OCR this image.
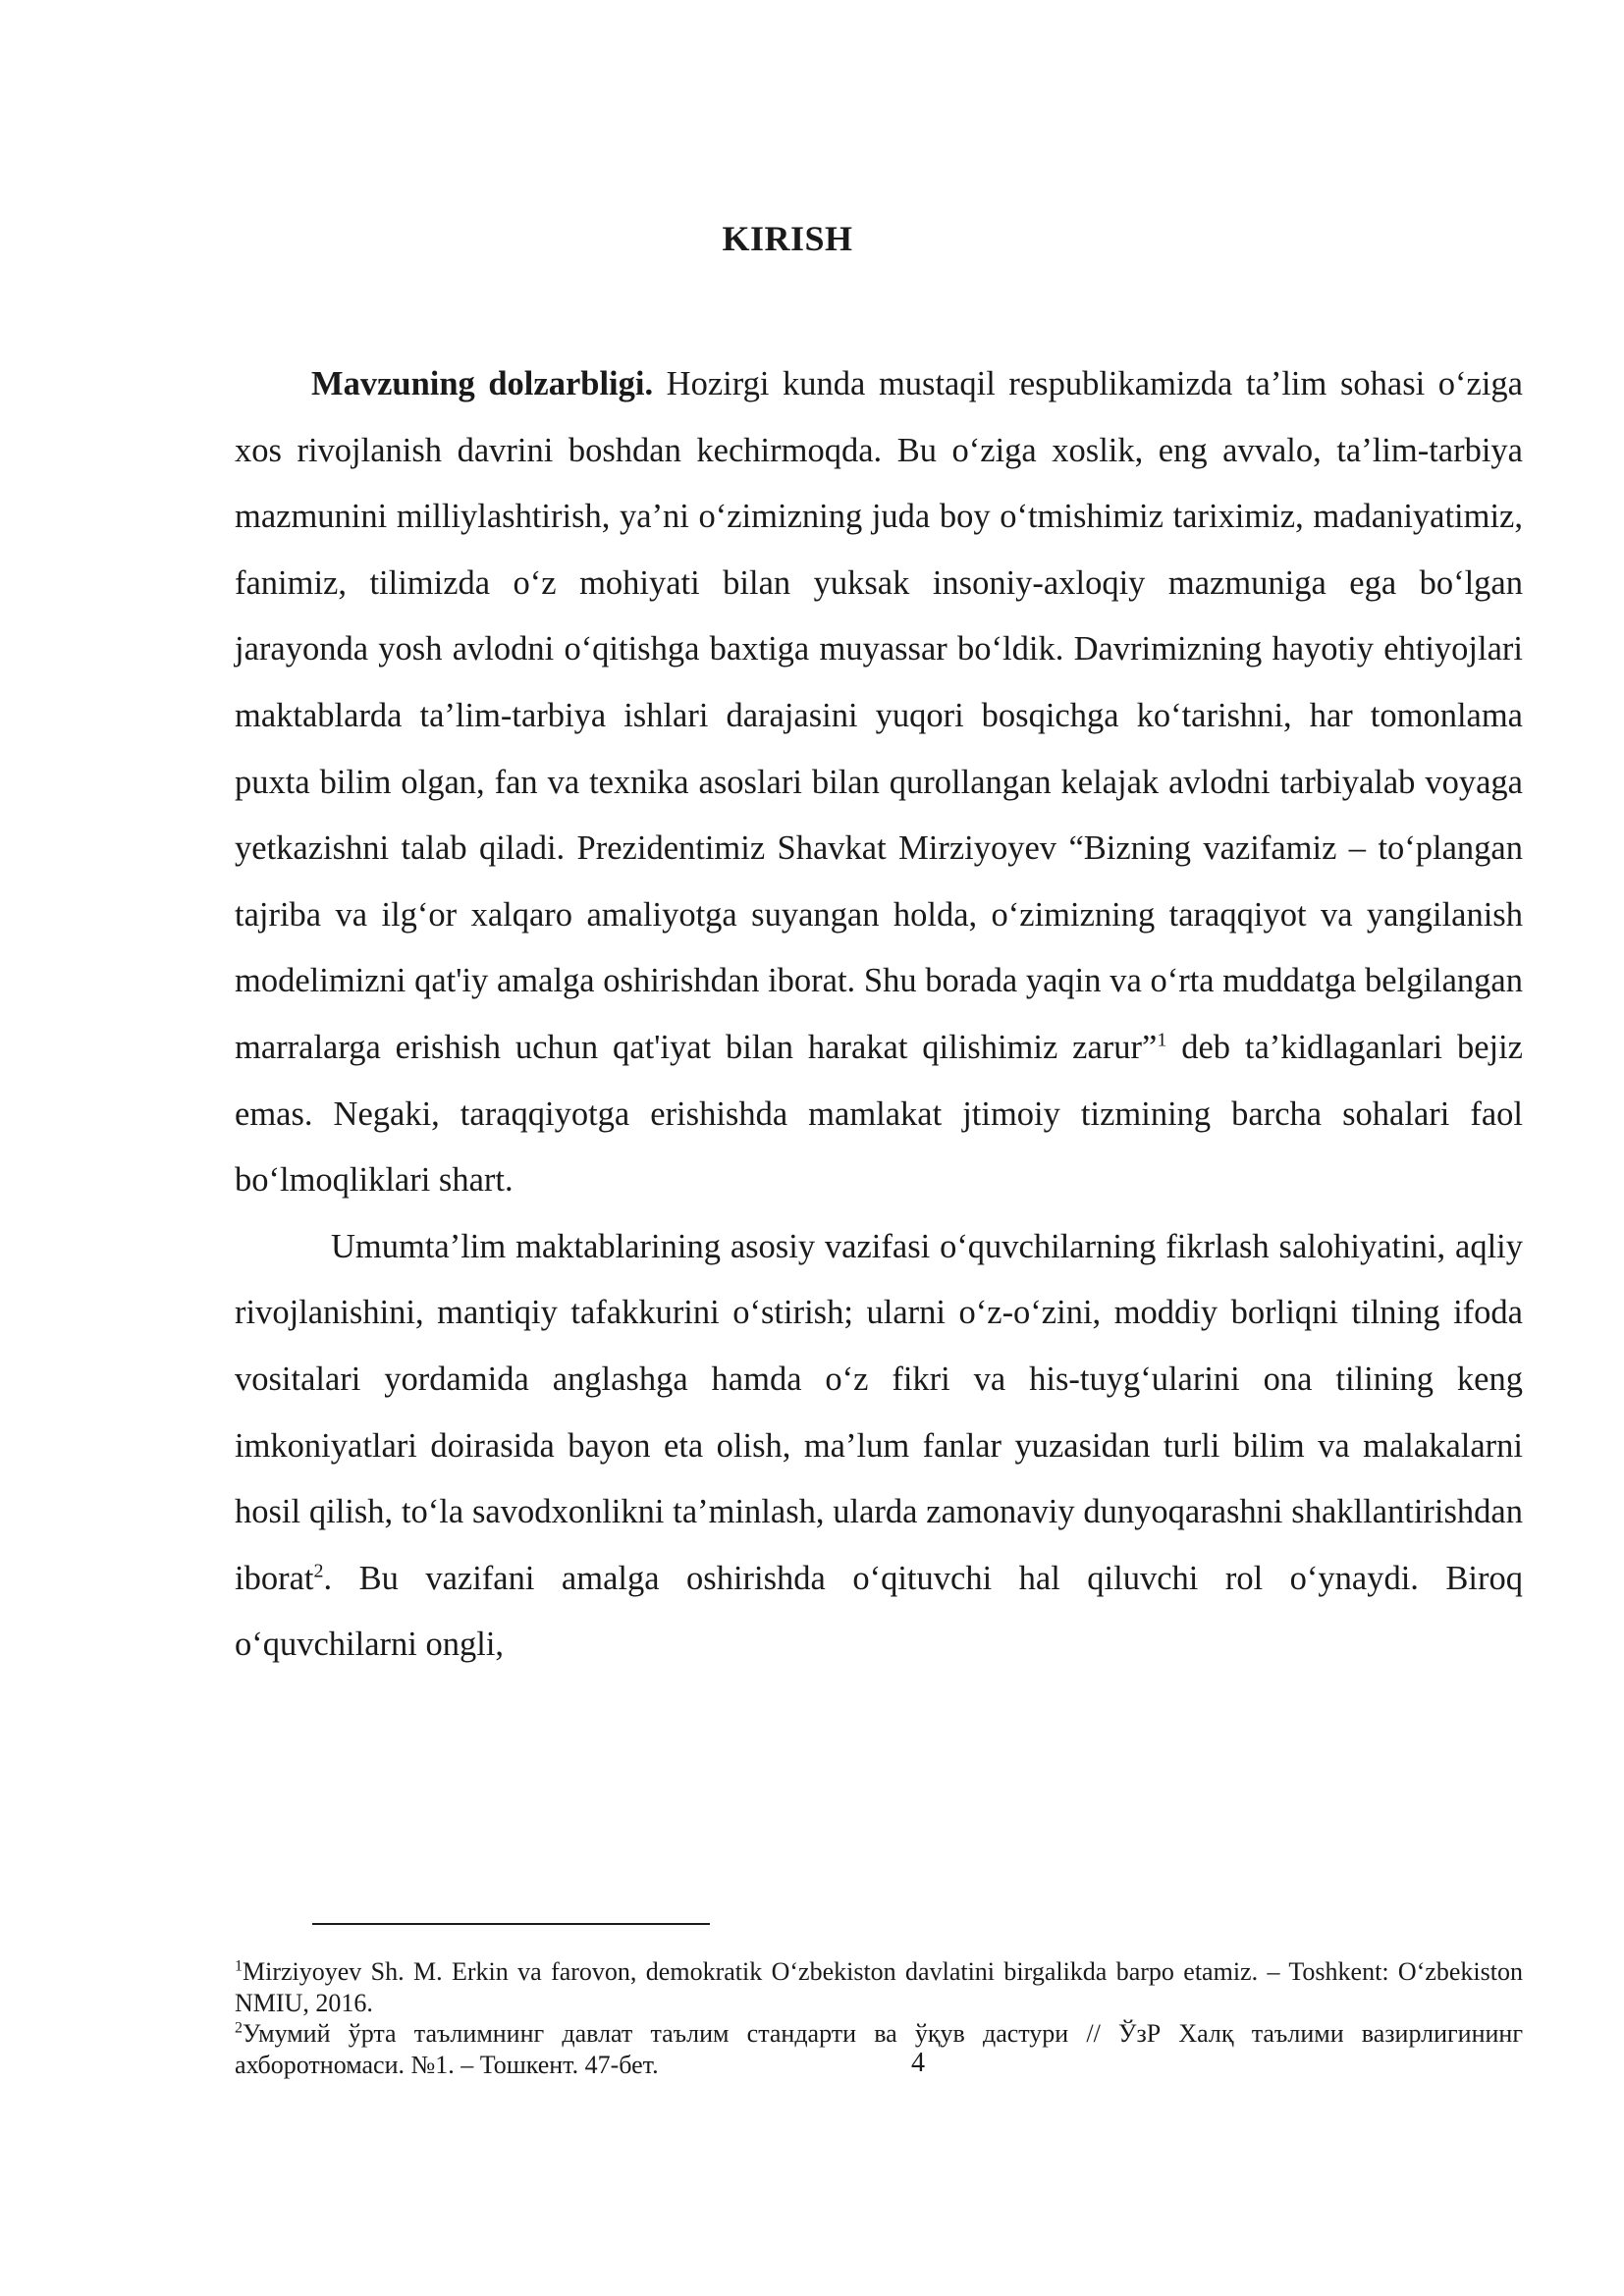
KIRISH

Mavzuning dolzarbligi. Hozirgi kunda mustaqil respublikamizda ta’lim sohasi o‘ziga xos rivojlanish davrini boshdan kechirmoqda. Bu o‘ziga xoslik, eng avvalo, ta’lim-tarbiya mazmunini milliylashtirish, ya’ni o‘zimizning juda boy o‘tmishimiz tariximiz, madaniyatimiz, fanimiz, tilimizda o‘z mohiyati bilan yuksak insoniy-axloqiy mazmuniga ega bo‘lgan jarayonda yosh avlodni o‘qitishga baxtiga muyassar bo‘ldik. Davrimizning hayotiy ehtiyojlari maktablarda ta’lim-tarbiya ishlari darajasini yuqori bosqichga ko‘tarishni, har tomonlama puxta bilim olgan, fan va texnika asoslari bilan qurollangan kelajak avlodni tarbiyalab voyaga yetkazishni talab qiladi. Prezidentimiz Shavkat Mirziyoyev “Bizning vazifamiz – to‘plangan tajriba va ilg‘or xalqaro amaliyotga suyangan holda, o‘zimizning taraqqiyot va yangilanish modelimizni qat'iy amalga oshirishdan iborat. Shu borada yaqin va o‘rta muddatga belgilangan marralarga erishish uchun qat'iyat bilan harakat qilishimiz zarur”$^1$ deb ta’kidlaganlari bejiz emas. Negaki, taraqqiyotga erishishda mamlakat jtimoiy tizmining barcha sohalari faol bo‘lmoqliklari shart.

Umumta’lim maktablarining asosiy vazifasi o‘quvchilarning fikrlash salohiyatini, aqliy rivojlanishini, mantiqiy tafakkurini o‘stirish; ularni o‘z-o‘zini, moddiy borliqni tilning ifoda vositalari yordamida anglashga hamda o‘z fikri va his-tuyg‘ularini ona tilining keng imkoniyatlari doirasida bayon eta olish, ma’lum fanlar yuzasidan turli bilim va malakalarni hosil qilish, to‘la savodxonlikni ta’minlash, ularda zamonaviy dunyoqarashni shakllantirishdan iborat$^2$. Bu vazifani amalga oshirishda o‘qituvchi hal qiluvchi rol o‘ynaydi. Biroq o‘quvchilarni ongli,

$^1$Mirziyoyev Sh. M. Erkin va farovon, demokratik O‘zbekiston davlatini birgalikda barpo etamiz. – Toshkent: O‘zbekiston NMIU, 2016.

$^2$Умумий ўрта таълимнинг давлат таълим стандарти ва ўқув дастури // ЎзР Халқ таълими вазирлигининг ахборотномаси. №1. – Тошкент. 47-бет.	4
